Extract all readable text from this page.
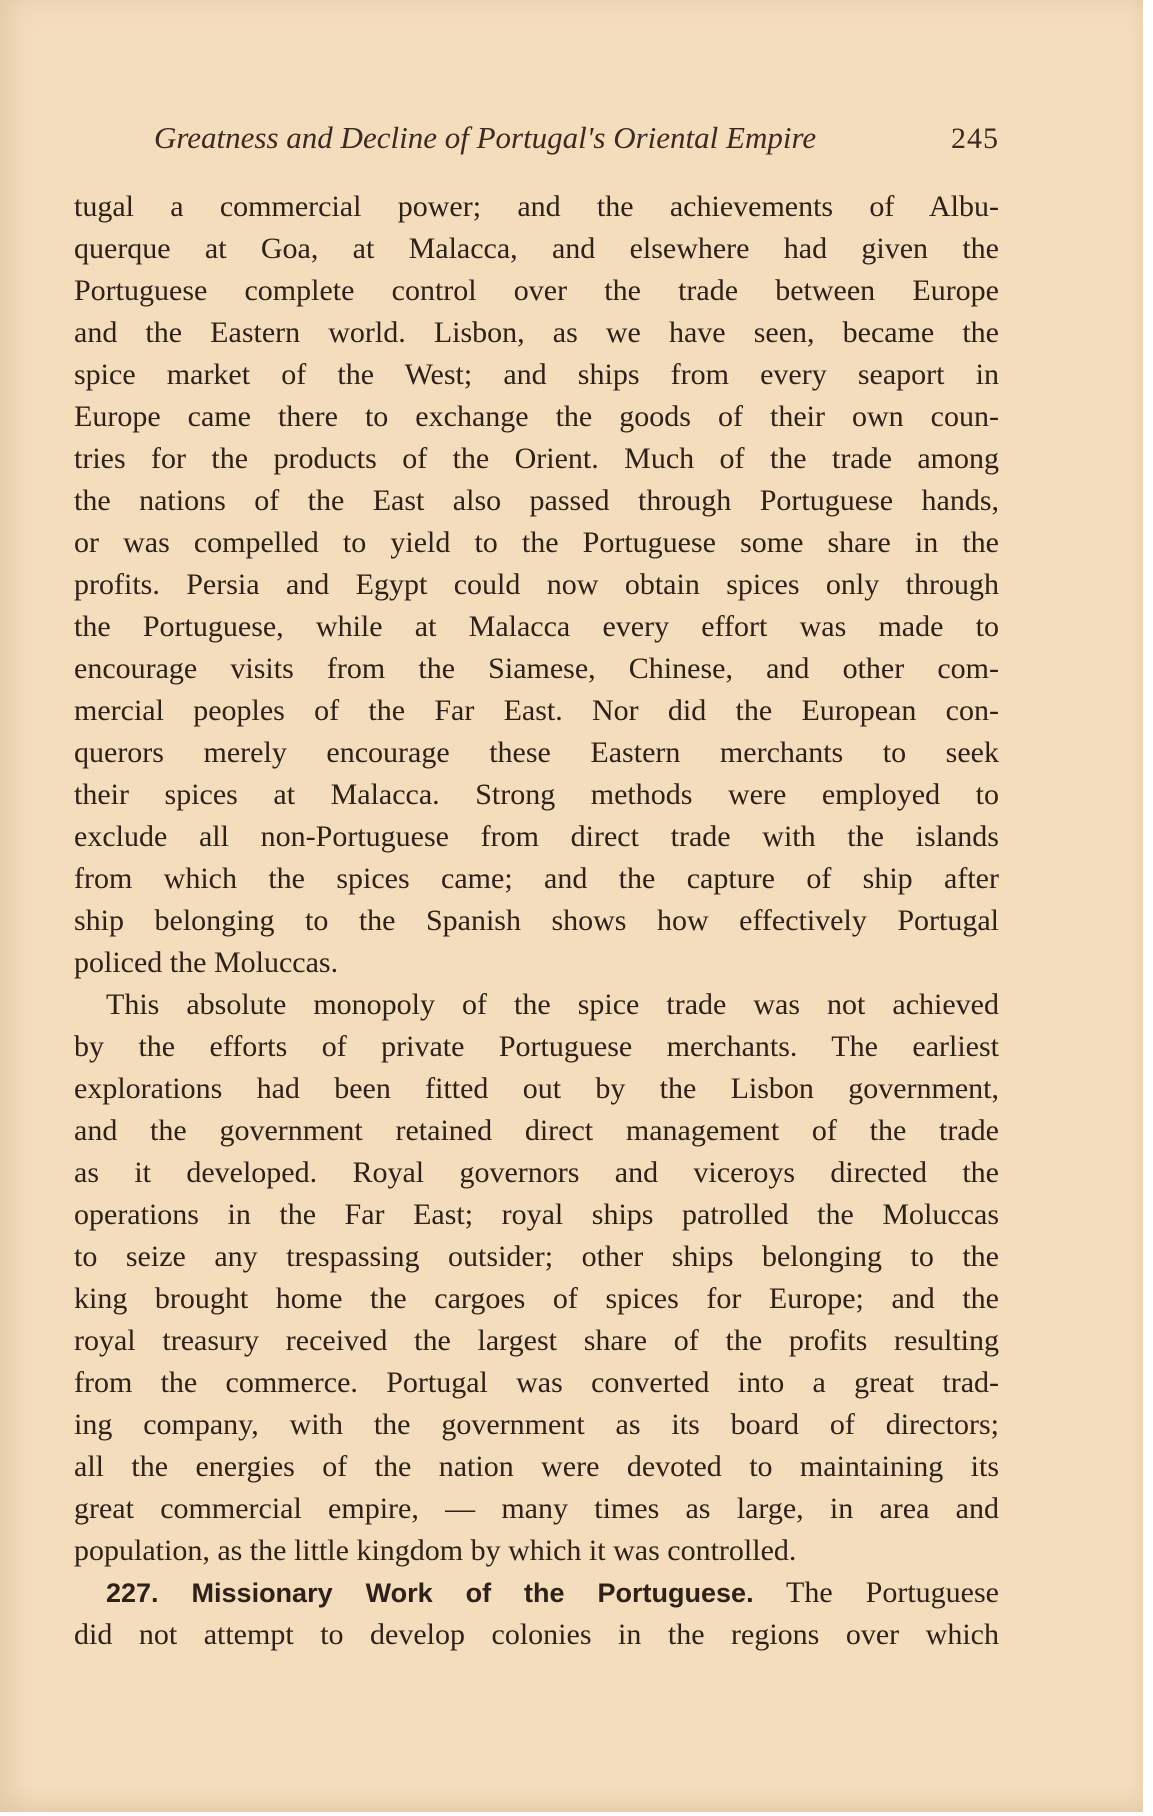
Greatness and Decline of Portugal's Oriental Empire	245
tugal a commercial power; and the achievements of Albu-
querque at Goa, at Malacca, and elsewhere had given the
Portuguese complete control over the trade between Europe
and the Eastern world. Lisbon, as we have seen, became the
spice market of the West; and ships from every seaport in
Europe came there to exchange the goods of their own coun-
tries for the products of the Orient. Much of the trade among
the nations of the East also passed through Portuguese hands,
or was compelled to yield to the Portuguese some share in the
profits. Persia and Egypt could now obtain spices only through
the Portuguese, while at Malacca every effort was made to
encourage visits from the Siamese, Chinese, and other com-
mercial peoples of the Far East. Nor did the European con-
querors merely encourage these Eastern merchants to seek
their spices at Malacca. Strong methods were employed to
exclude all non-Portuguese from direct trade with the islands
from which the spices came; and the capture of ship after
ship belonging to the Spanish shows how effectively Portugal
policed the Moluccas.
This absolute monopoly of the spice trade was not achieved
by the efforts of private Portuguese merchants. The earliest
explorations had been fitted out by the Lisbon government,
and the government retained direct management of the trade
as it developed. Royal governors and viceroys directed the
operations in the Far East; royal ships patrolled the Moluccas
to seize any trespassing outsider; other ships belonging to the
king brought home the cargoes of spices for Europe; and the
royal treasury received the largest share of the profits resulting
from the commerce. Portugal was converted into a great trad-
ing company, with the government as its board of directors;
all the energies of the nation were devoted to maintaining its
great commercial empire, — many times as large, in area and
population, as the little kingdom by which it was controlled.
227. Missionary Work of the Portuguese. The Portuguese
did not attempt to develop colonies in the regions over which
